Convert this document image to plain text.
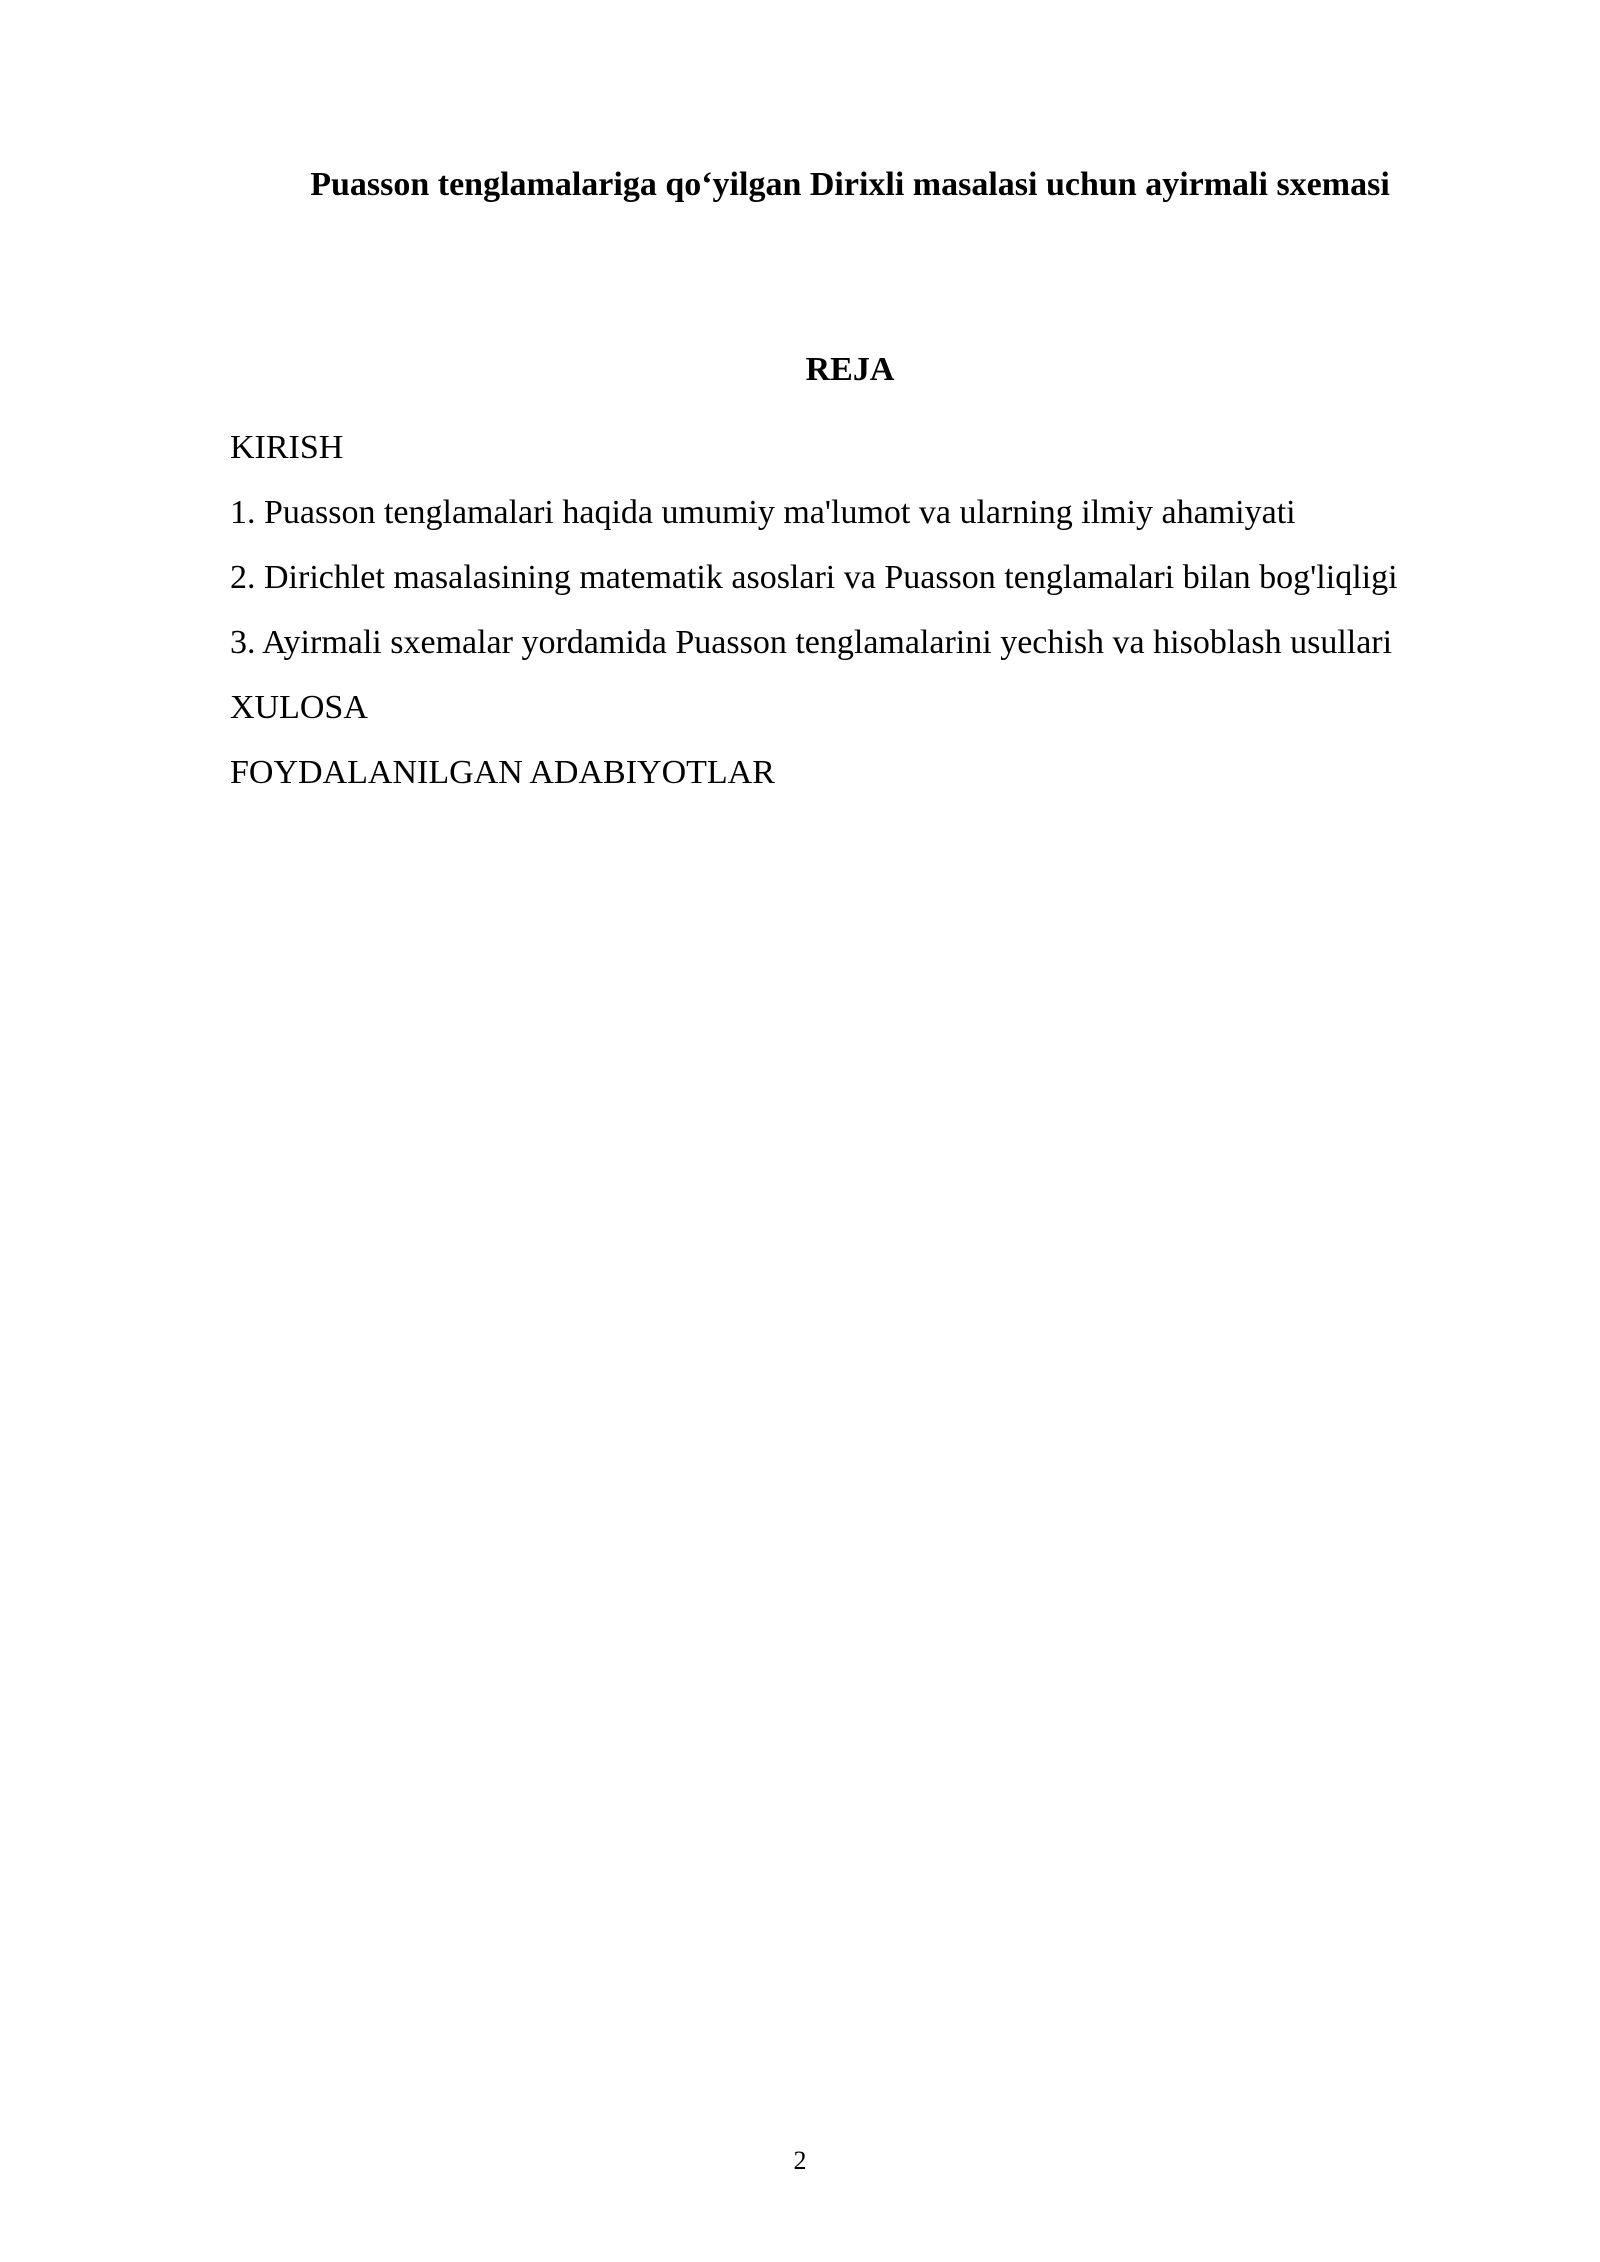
Puasson tenglamalariga qo‘yilgan Dirixli masalasi uchun ayirmali sxemasi
REJA
KIRISH
1. Puasson tenglamalari haqida umumiy ma'lumot va ularning ilmiy ahamiyati
2. Dirichlet masalasining matematik asoslari va Puasson tenglamalari bilan bog'liqligi
3. Ayirmali sxemalar yordamida Puasson tenglamalarini yechish va hisoblash usullari
XULOSA
FOYDALANILGAN ADABIYOTLAR
2
